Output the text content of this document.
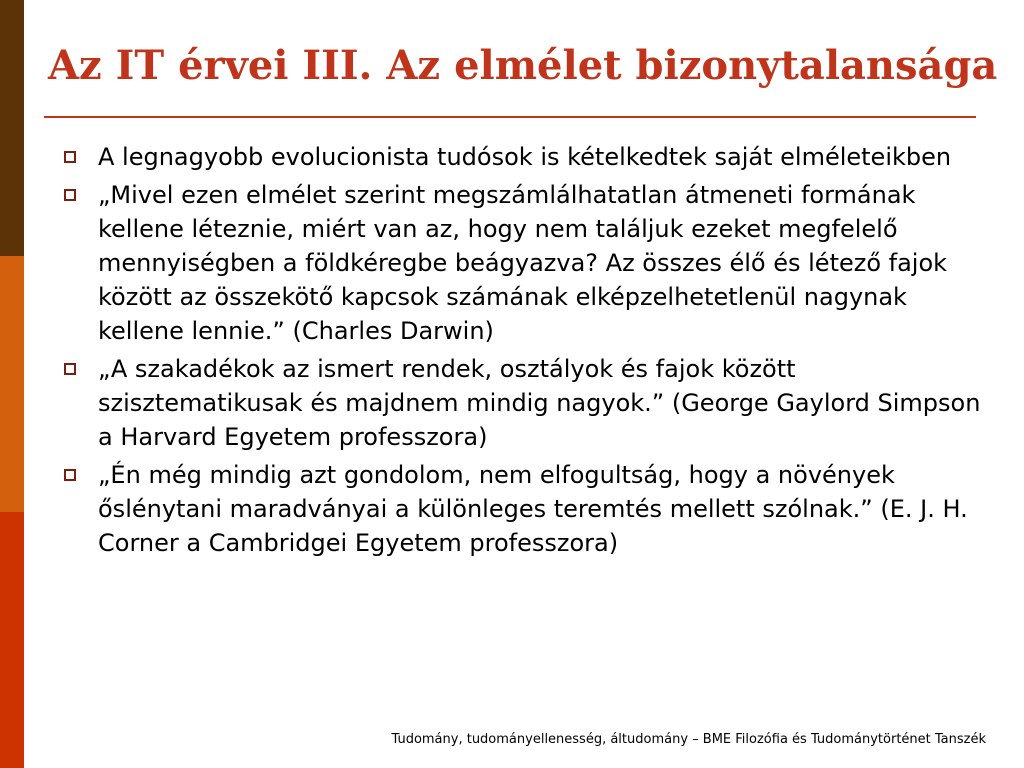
Az IT érvei III. Az elmélet bizonytalansága
A legnagyobb evolucionista tudósok is kételkedtek saját elméleteikben
„Mivel ezen elmélet szerint megszámlálhatatlan átmeneti formának kellene léteznie, miért van az, hogy nem találjuk ezeket megfelelő mennyiségben a földkéregbe beágyazva? Az összes élő és létező fajok között az összekötő kapcsok számának elképzelhetetlenül nagynak kellene lennie.” (Charles Darwin)
„A szakadékok az ismert rendek, osztályok és fajok között szisztematikusak és majdnem mindig nagyok.” (George Gaylord Simpson a Harvard Egyetem professzora)
„Én még mindig azt gondolom, nem elfogultság, hogy a növények őslénytani maradványai a különleges teremtés mellett szólnak.” (E. J. H. Corner a Cambridgei Egyetem professzora)

Tudomány, tudományellenesség, áltudomány – BME Filozófia és Tudománytörténet Tanszék
